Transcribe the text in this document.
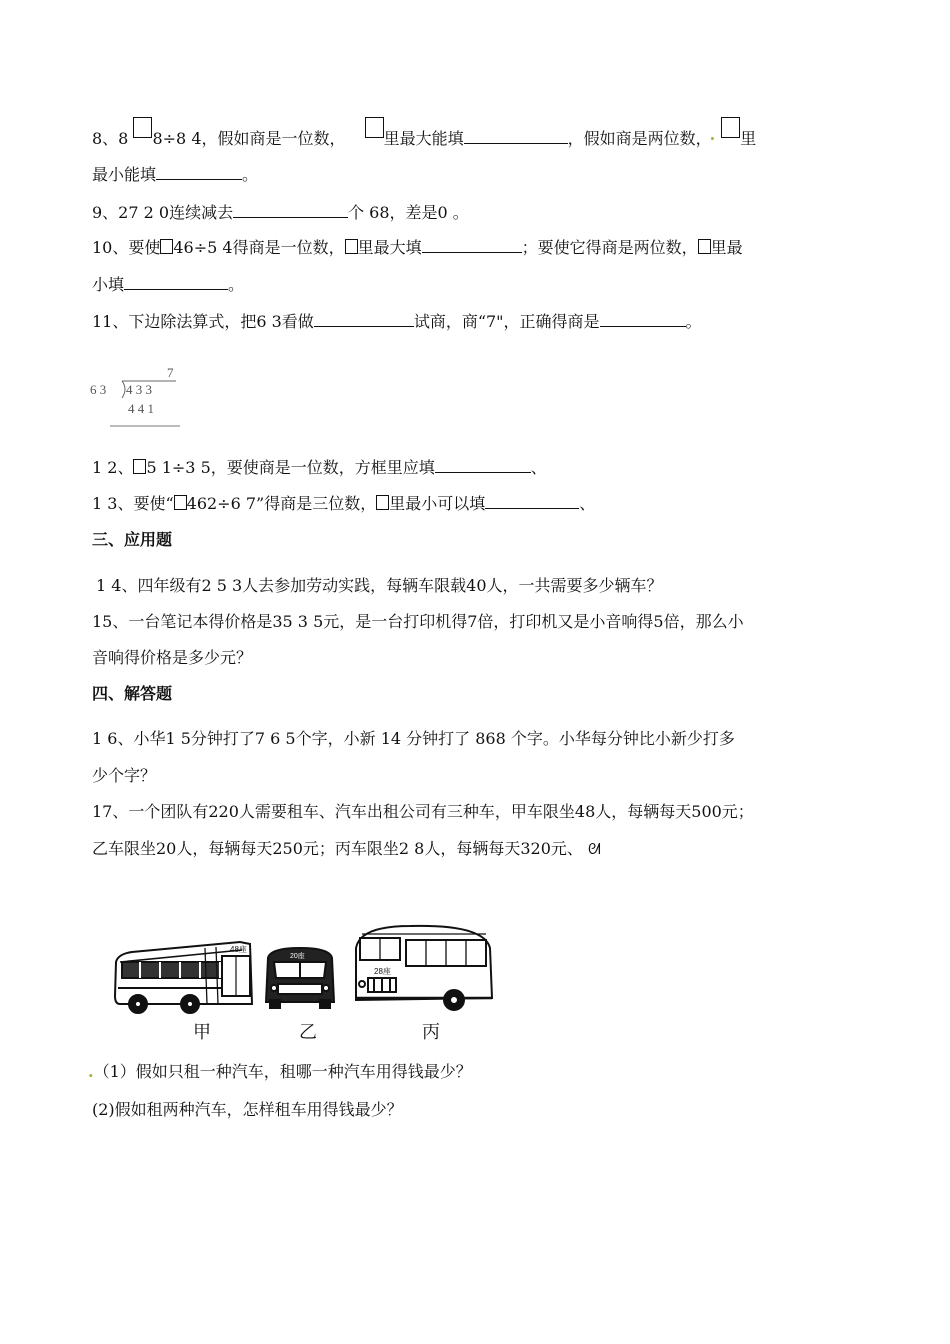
8、8 8÷8 4，假如商是一位数， 里最大能填	，假如商是两位数， · 里
最小能填	。
9、27 2 0连续减去	个 68，差是0 。
10、要使 46÷5 4得商是一位数， 里最大填	；要使它得商是两位数， 里最
小填	。
11、下边除法算式，把6 3看做	试商，商“7"，正确得商是	。
7
6 3 4 3 3
4 4 1
1 2、 5 1÷3 5，要使商是一位数，方框里应填	、
1 3、要使“ 462÷6 7”得商是三位数， 里最小可以填	、
三、应用题
1 4、四年级有2 5 3人去参加劳动实践，每辆车限载40人，一共需要多少辆车？
15、一台笔记本得价格是35 3 5元，是一台打印机得7倍，打印机又是小音响得5倍，那么小
音响得价格是多少元？
四、解答题
1 6、小华1 5分钟打了7 6 5个字，小新 14 分钟打了 868 个字。小华每分钟比小新少打多
少个字？
17、一个团队有220人需要租车、汽车出租公司有三种车，甲车限坐48人，每辆每天500元；
乙车限坐20人，每辆每天250元；丙车限坐2 8人，每辆每天320元、 ᘛ
48座
20座
28座
甲	乙	丙
.（1）假如只租一种汽车，租哪一种汽车用得钱最少？
(2)假如租两种汽车，怎样租车用得钱最少？
